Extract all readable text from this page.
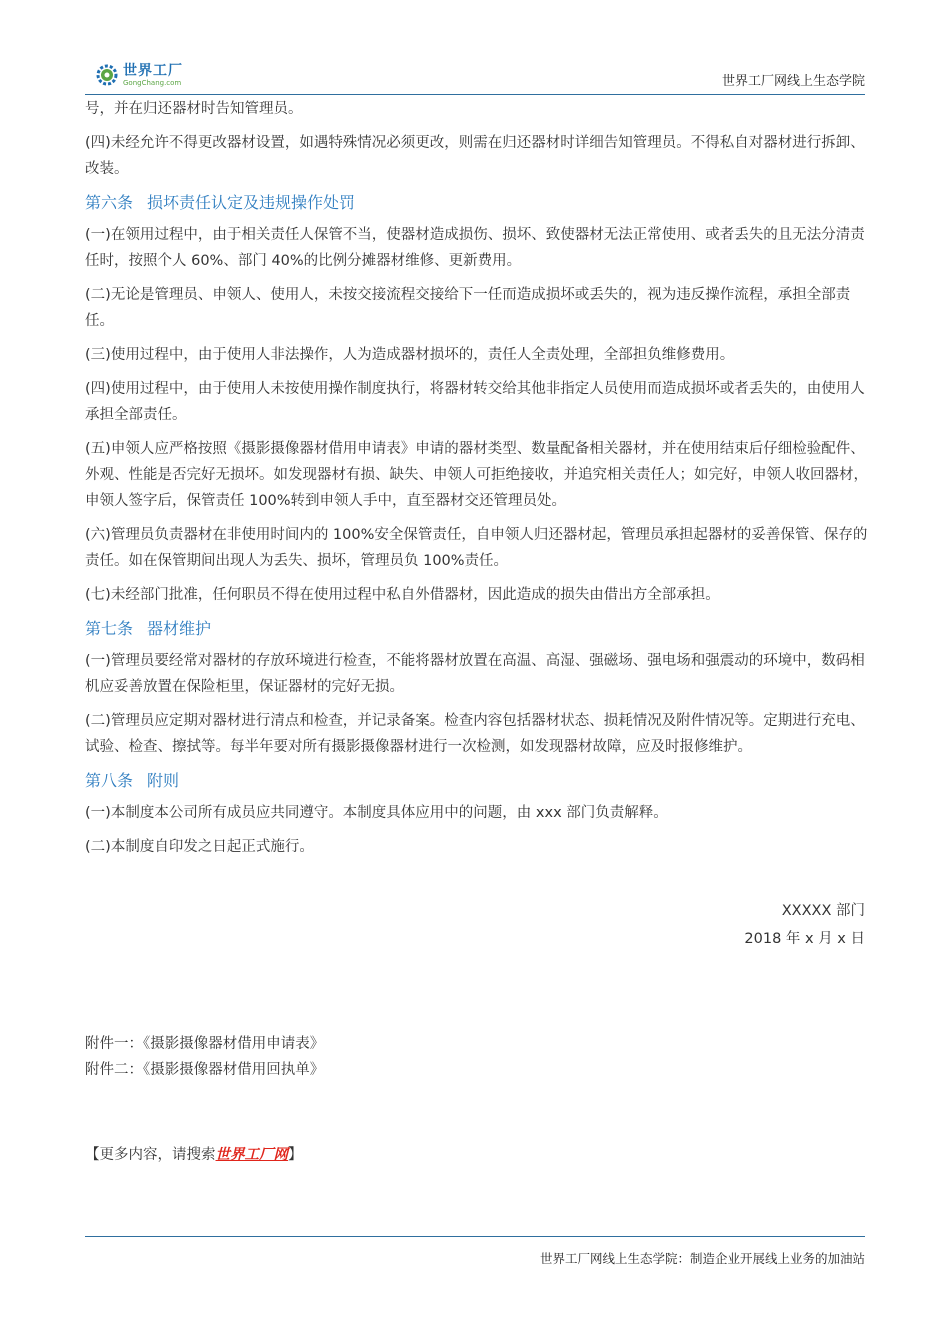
世界工厂
GongChang.com	世界工厂网线上生态学院

号，并在归还器材时告知管理员。

(四)未经允许不得更改器材设置，如遇特殊情况必须更改，则需在归还器材时详细告知管理员。不得私自对器材进行拆卸、改装。

第六条 损坏责任认定及违规操作处罚

(一)在领用过程中，由于相关责任人保管不当，使器材造成损伤、损坏、致使器材无法正常使用、或者丢失的且无法分清责任时，按照个人 60%、部门 40%的比例分摊器材维修、更新费用。

(二)无论是管理员、申领人、使用人，未按交接流程交接给下一任而造成损坏或丢失的，视为违反操作流程，承担全部责任。

(三)使用过程中，由于使用人非法操作，人为造成器材损坏的，责任人全责处理，全部担负维修费用。

(四)使用过程中，由于使用人未按使用操作制度执行，将器材转交给其他非指定人员使用而造成损坏或者丢失的，由使用人承担全部责任。

(五)申领人应严格按照《摄影摄像器材借用申请表》申请的器材类型、数量配备相关器材，并在使用结束后仔细检验配件、外观、性能是否完好无损坏。如发现器材有损、缺失、申领人可拒绝接收，并追究相关责任人；如完好，申领人收回器材，申领人签字后，保管责任 100%转到申领人手中，直至器材交还管理员处。

(六)管理员负责器材在非使用时间内的 100%安全保管责任，自申领人归还器材起，管理员承担起器材的妥善保管、保存的责任。如在保管期间出现人为丢失、损坏，管理员负 100%责任。

(七)未经部门批准，任何职员不得在使用过程中私自外借器材，因此造成的损失由借出方全部承担。

第七条 器材维护

(一)管理员要经常对器材的存放环境进行检查，不能将器材放置在高温、高湿、强磁场、强电场和强震动的环境中，数码相机应妥善放置在保险柜里，保证器材的完好无损。

(二)管理员应定期对器材进行清点和检查，并记录备案。检查内容包括器材状态、损耗情况及附件情况等。定期进行充电、试验、检查、擦拭等。每半年要对所有摄影摄像器材进行一次检测，如发现器材故障，应及时报修维护。

第八条 附则

(一)本制度本公司所有成员应共同遵守。本制度具体应用中的问题，由 xxx 部门负责解释。

(二)本制度自印发之日起正式施行。

XXXXX 部门
2018 年 x 月 x 日
附件一：《摄影摄像器材借用申请表》
附件二：《摄影摄像器材借用回执单》
【更多内容，请搜索世界工厂网】
世界工厂网线上生态学院：制造企业开展线上业务的加油站
